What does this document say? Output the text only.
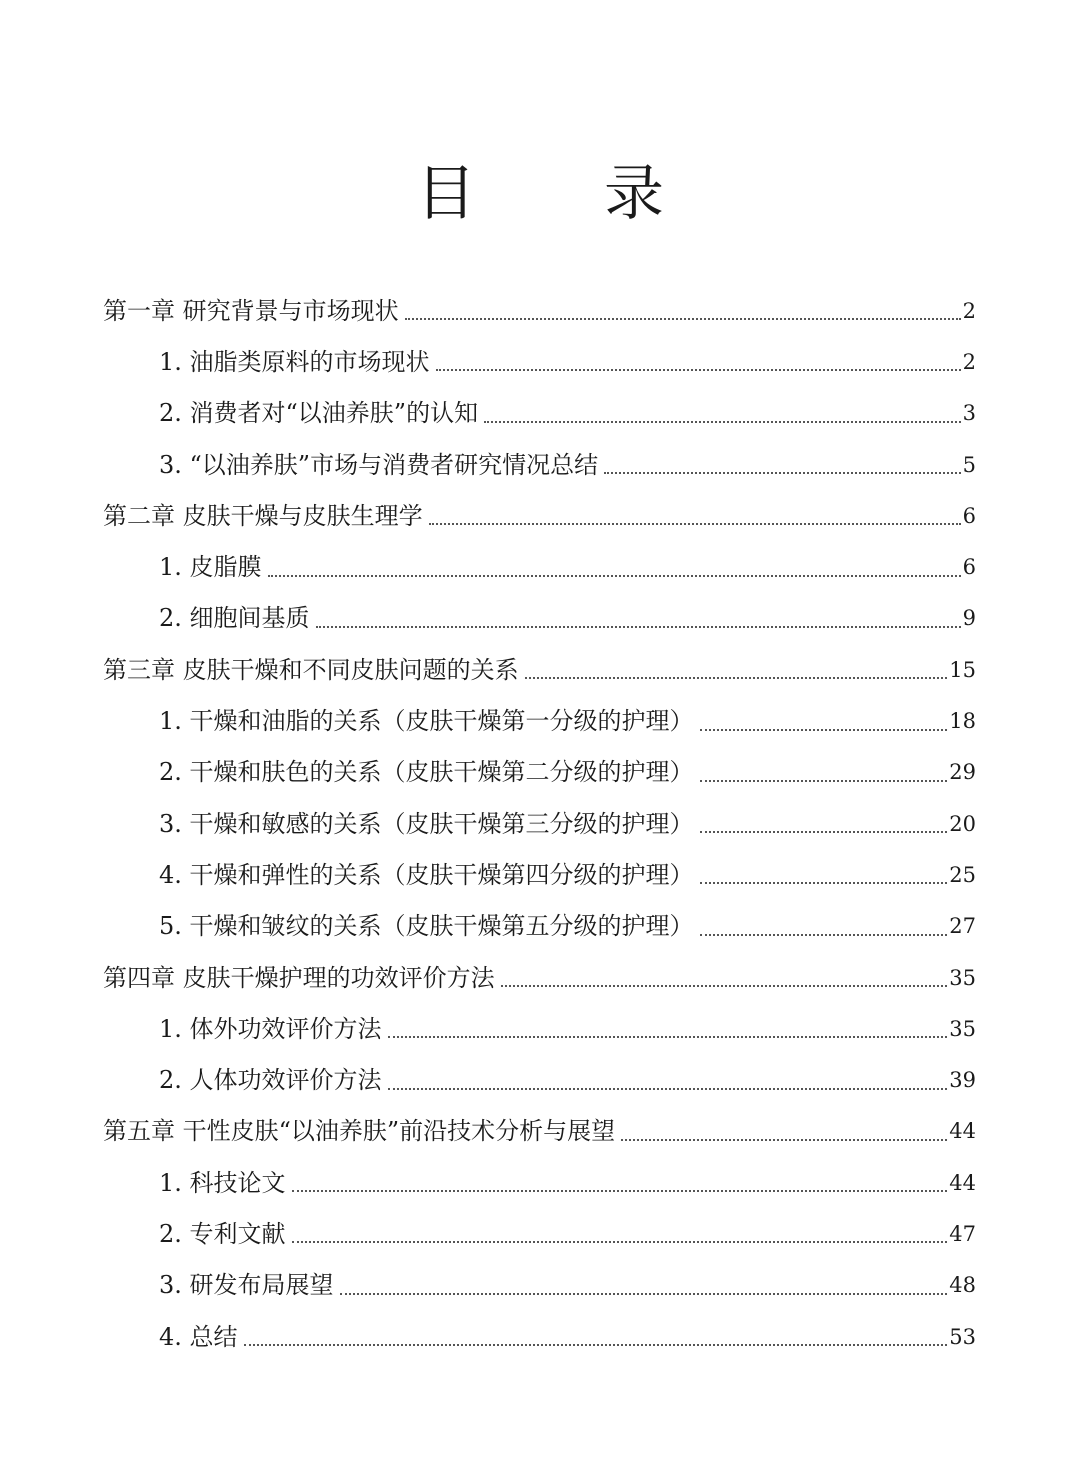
目　录
第一章 研究背景与市场现状	2
1. 油脂类原料的市场现状	2
2. 消费者对“以油养肤”的认知	3
3. “以油养肤”市场与消费者研究情况总结	5
第二章 皮肤干燥与皮肤生理学	6
1. 皮脂膜	6
2. 细胞间基质	9
第三章 皮肤干燥和不同皮肤问题的关系	15
1. 干燥和油脂的关系（皮肤干燥第一分级的护理）	18
2. 干燥和肤色的关系（皮肤干燥第二分级的护理）	29
3. 干燥和敏感的关系（皮肤干燥第三分级的护理）	20
4. 干燥和弹性的关系（皮肤干燥第四分级的护理）	25
5. 干燥和皱纹的关系（皮肤干燥第五分级的护理）	27
第四章 皮肤干燥护理的功效评价方法	35
1. 体外功效评价方法	35
2. 人体功效评价方法	39
第五章 干性皮肤“以油养肤”前沿技术分析与展望	44
1. 科技论文	44
2. 专利文献	47
3. 研发布局展望	48
4. 总结	53
